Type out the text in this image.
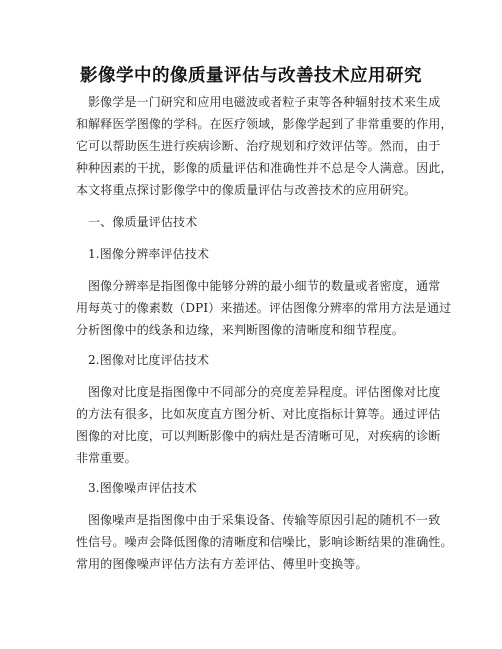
影像学中的像质量评估与改善技术应用研究
影像学是一门研究和应用电磁波或者粒子束等各种辐射技术来生成
和解释医学图像的学科。在医疗领域，影像学起到了非常重要的作用，
它可以帮助医生进行疾病诊断、治疗规划和疗效评估等。然而，由于
种种因素的干扰，影像的质量评估和准确性并不总是令人满意。因此，
本文将重点探讨影像学中的像质量评估与改善技术的应用研究。
一、像质量评估技术
1.图像分辨率评估技术
图像分辨率是指图像中能够分辨的最小细节的数量或者密度，通常
用每英寸的像素数（DPI）来描述。评估图像分辨率的常用方法是通过
分析图像中的线条和边缘，来判断图像的清晰度和细节程度。
2.图像对比度评估技术
图像对比度是指图像中不同部分的亮度差异程度。评估图像对比度
的方法有很多，比如灰度直方图分析、对比度指标计算等。通过评估
图像的对比度，可以判断影像中的病灶是否清晰可见，对疾病的诊断
非常重要。
3.图像噪声评估技术
图像噪声是指图像中由于采集设备、传输等原因引起的随机不一致
性信号。噪声会降低图像的清晰度和信噪比，影响诊断结果的准确性。
常用的图像噪声评估方法有方差评估、傅里叶变换等。
